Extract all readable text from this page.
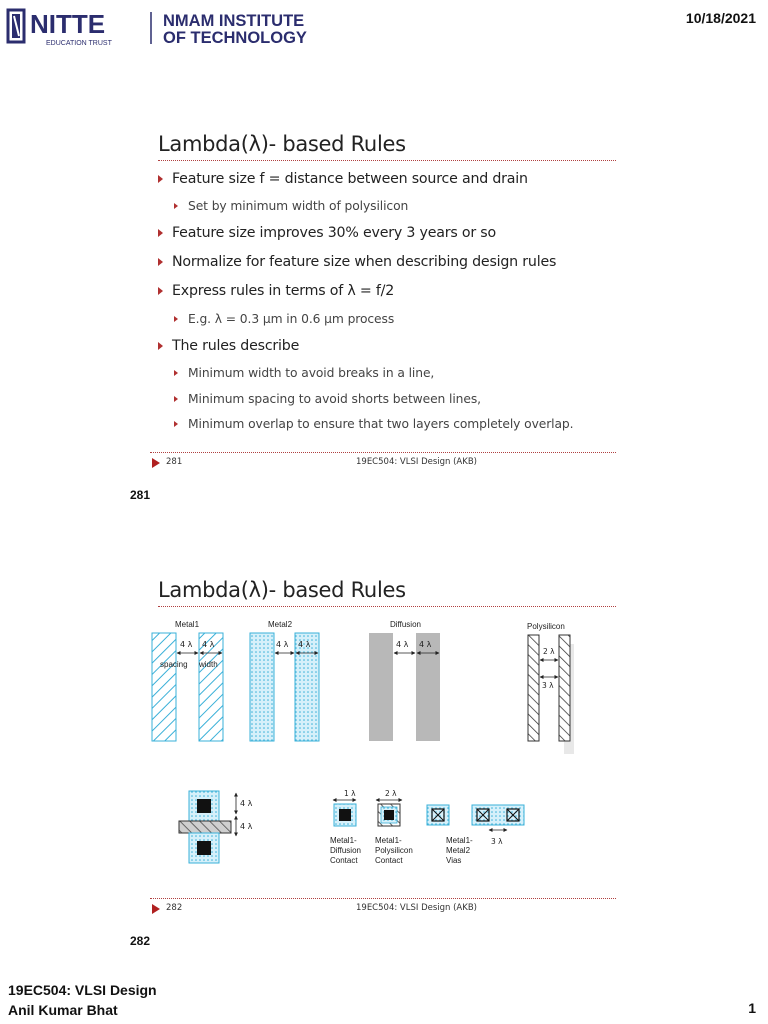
NITTE
EDUCATION TRUST
NMAM INSTITUTE
OF TECHNOLOGY
10/18/2021
Lambda(λ)- based Rules
Feature size f = distance between source and drain
Set by minimum width of polysilicon
Feature size improves 30% every 3 years or so
Normalize for feature size when describing design rules
Express rules in terms of λ = f/2
E.g. λ = 0.3 μm in 0.6 μm process
The rules describe
Minimum width to avoid breaks in a line,
Minimum spacing to avoid shorts between lines,
Minimum overlap to ensure that two layers completely overlap.
281	19EC504: VLSI Design (AKB)
281
Lambda(λ)- based Rules
Metal1
4 λ 4 λ
spacing width
Metal2
4 λ 4 λ
Diffusion
4 λ 4 λ
Polysilicon
2 λ
3 λ
4 λ
4 λ
1 λ	2 λ
3 λ
Metal1-
Diffusion
Contact
Metal1-
Polysilicon
Contact
Metal1-
Metal2
Vias
282	19EC504: VLSI Design (AKB)
282
19EC504: VLSI Design
Anil Kumar Bhat	1
